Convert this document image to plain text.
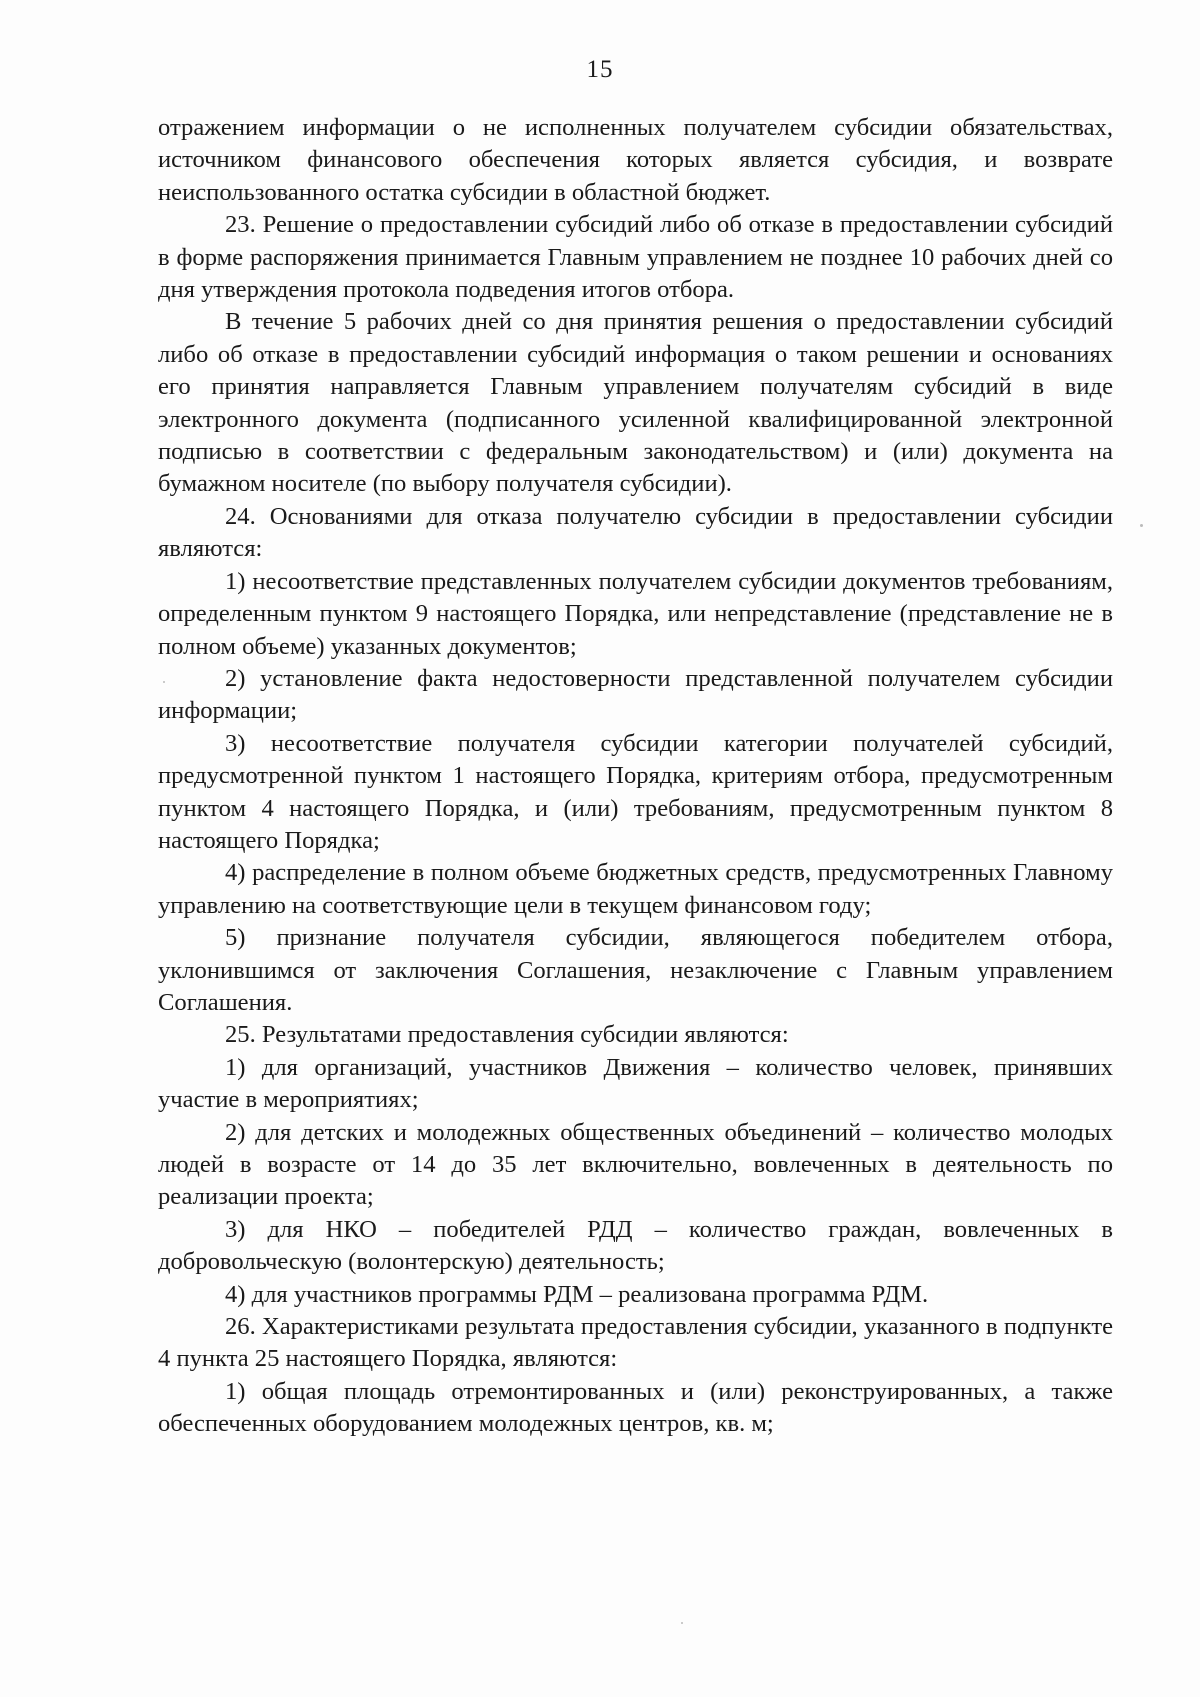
15

отражением информации о не исполненных получателем субсидии обязательствах, источником финансового обеспечения которых является субсидия, и возврате неиспользованного остатка субсидии в областной бюджет.

23. Решение о предоставлении субсидий либо об отказе в предоставлении субсидий в форме распоряжения принимается Главным управлением не позднее 10 рабочих дней со дня утверждения протокола подведения итогов отбора.

В течение 5 рабочих дней со дня принятия решения о предоставлении субсидий либо об отказе в предоставлении субсидий информация о таком решении и основаниях его принятия направляется Главным управлением получателям субсидий в виде электронного документа (подписанного усиленной квалифицированной электронной подписью в соответствии с федеральным законодательством) и (или) документа на бумажном носителе (по выбору получателя субсидии).

24. Основаниями для отказа получателю субсидии в предоставлении субсидии являются:

1) несоответствие представленных получателем субсидии документов требованиям, определенным пунктом 9 настоящего Порядка, или непредставление (представление не в полном объеме) указанных документов;

2) установление факта недостоверности представленной получателем субсидии информации;

3) несоответствие получателя субсидии категории получателей субсидий, предусмотренной пунктом 1 настоящего Порядка, критериям отбора, предусмотренным пунктом 4 настоящего Порядка, и (или) требованиям, предусмотренным пунктом 8 настоящего Порядка;

4) распределение в полном объеме бюджетных средств, предусмотренных Главному управлению на соответствующие цели в текущем финансовом году;

5) признание получателя субсидии, являющегося победителем отбора, уклонившимся от заключения Соглашения, незаключение с Главным управлением Соглашения.

25. Результатами предоставления субсидии являются:

1) для организаций, участников Движения – количество человек, принявших участие в мероприятиях;

2) для детских и молодежных общественных объединений – количество молодых людей в возрасте от 14 до 35 лет включительно, вовлеченных в деятельность по реализации проекта;

3) для НКО – победителей РДД – количество граждан, вовлеченных в добровольческую (волонтерскую) деятельность;

4) для участников программы РДМ – реализована программа РДМ.

26. Характеристиками результата предоставления субсидии, указанного в подпункте 4 пункта 25 настоящего Порядка, являются:

1) общая площадь отремонтированных и (или) реконструированных, а также обеспеченных оборудованием молодежных центров, кв. м;
